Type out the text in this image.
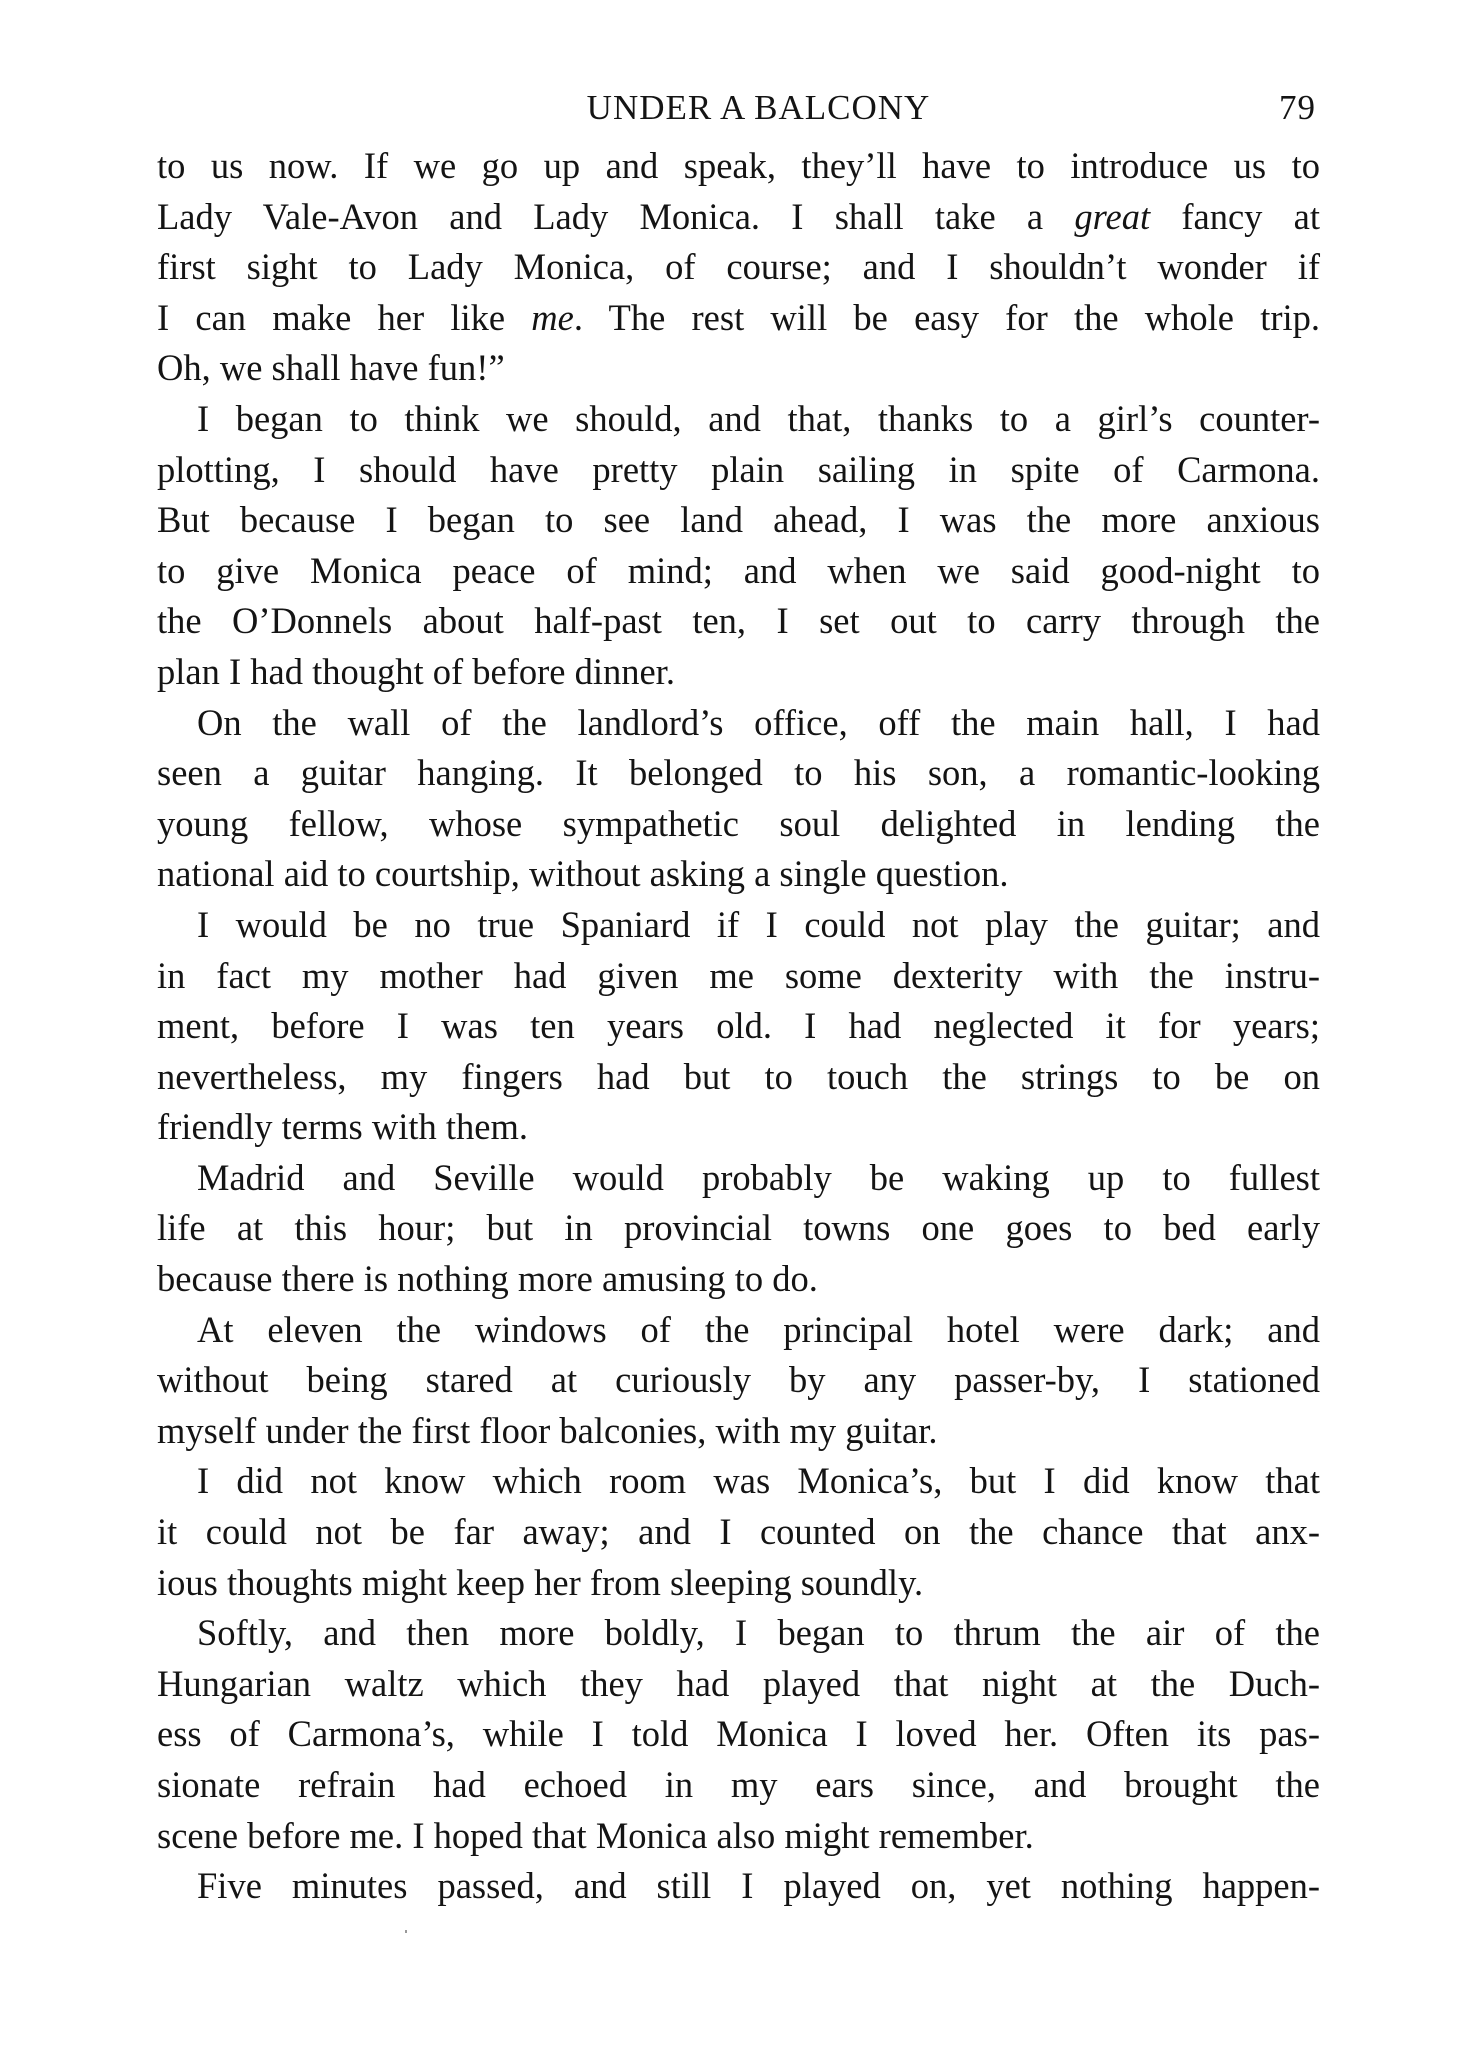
UNDER A BALCONY	79
to us now. If we go up and speak, they’ll have to introduce us to
Lady Vale-Avon and Lady Monica. I shall take a great fancy at
first sight to Lady Monica, of course; and I shouldn’t wonder if
I can make her like me. The rest will be easy for the whole trip.
Oh, we shall have fun!”
I began to think we should, and that, thanks to a girl’s counter-
plotting, I should have pretty plain sailing in spite of Carmona.
But because I began to see land ahead, I was the more anxious
to give Monica peace of mind; and when we said good-night to
the O’Donnels about half-past ten, I set out to carry through the
plan I had thought of before dinner.
On the wall of the landlord’s office, off the main hall, I had
seen a guitar hanging. It belonged to his son, a romantic-looking
young fellow, whose sympathetic soul delighted in lending the
national aid to courtship, without asking a single question.
I would be no true Spaniard if I could not play the guitar; and
in fact my mother had given me some dexterity with the instru-
ment, before I was ten years old. I had neglected it for years;
nevertheless, my fingers had but to touch the strings to be on
friendly terms with them.
Madrid and Seville would probably be waking up to fullest
life at this hour; but in provincial towns one goes to bed early
because there is nothing more amusing to do.
At eleven the windows of the principal hotel were dark; and
without being stared at curiously by any passer-by, I stationed
myself under the first floor balconies, with my guitar.
I did not know which room was Monica’s, but I did know that
it could not be far away; and I counted on the chance that anx-
ious thoughts might keep her from sleeping soundly.
Softly, and then more boldly, I began to thrum the air of the
Hungarian waltz which they had played that night at the Duch-
ess of Carmona’s, while I told Monica I loved her. Often its pas-
sionate refrain had echoed in my ears since, and brought the
scene before me. I hoped that Monica also might remember.
Five minutes passed, and still I played on, yet nothing happen-
